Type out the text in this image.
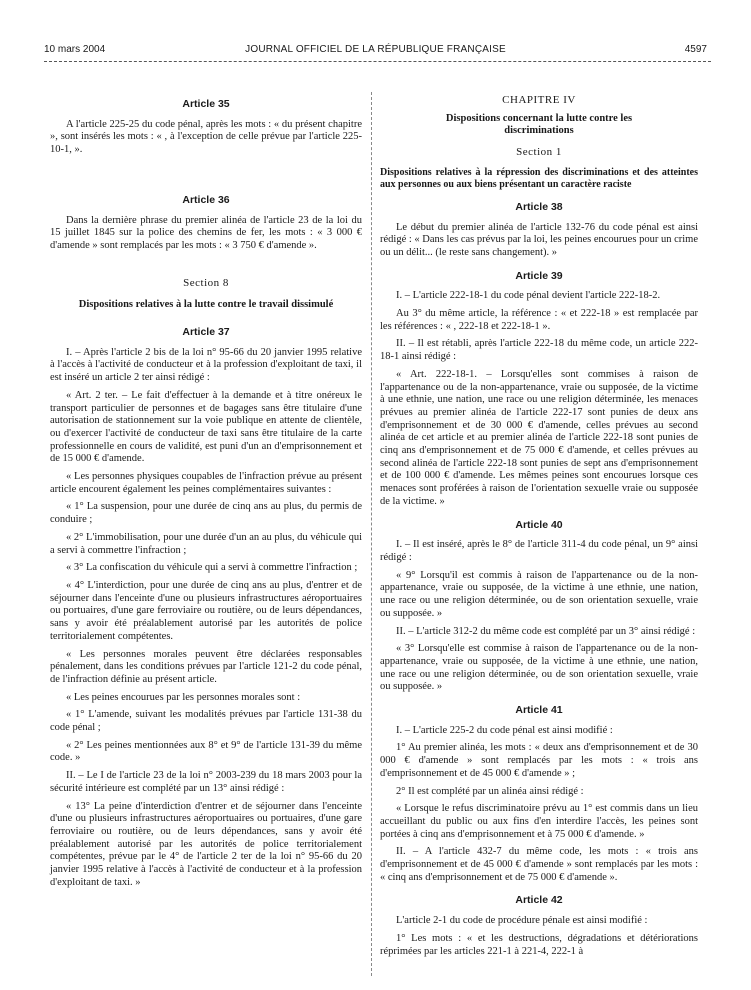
10 mars 2004	JOURNAL OFFICIEL DE LA RÉPUBLIQUE FRANÇAISE	4597
Article 35

A l'article 225-25 du code pénal, après les mots : « du présent chapitre », sont insérés les mots : « , à l'exception de celle prévue par l'article 225-10-1, ».

Article 36

Dans la dernière phrase du premier alinéa de l'article 23 de la loi du 15 juillet 1845 sur la police des chemins de fer, les mots : « 3 000 € d'amende » sont remplacés par les mots : « 3 750 € d'amende ».

Section 8
Dispositions relatives à la lutte contre le travail dissimulé
Article 37

I. – Après l'article 2 bis de la loi n° 95-66 du 20 janvier 1995 relative à l'accès à l'activité de conducteur et à la profession d'exploitant de taxi, il est inséré un article 2 ter ainsi rédigé :

« Art. 2 ter. – Le fait d'effectuer à la demande et à titre onéreux le transport particulier de personnes et de bagages sans être titulaire d'une autorisation de stationnement sur la voie publique en attente de clientèle, ou d'exercer l'activité de conducteur de taxi sans être titulaire de la carte professionnelle en cours de validité, est puni d'un an d'emprisonnement et de 15 000 € d'amende.

« Les personnes physiques coupables de l'infraction prévue au présent article encourent également les peines complémentaires suivantes :

« 1° La suspension, pour une durée de cinq ans au plus, du permis de conduire ;

« 2° L'immobilisation, pour une durée d'un an au plus, du véhicule qui a servi à commettre l'infraction ;

« 3° La confiscation du véhicule qui a servi à commettre l'infraction ;

« 4° L'interdiction, pour une durée de cinq ans au plus, d'entrer et de séjourner dans l'enceinte d'une ou plusieurs infrastructures aéroportuaires ou portuaires, d'une gare ferroviaire ou routière, ou de leurs dépendances, sans y avoir été préalablement autorisé par les autorités de police territorialement compétentes.

« Les personnes morales peuvent être déclarées responsables pénalement, dans les conditions prévues par l'article 121-2 du code pénal, de l'infraction définie au présent article.

« Les peines encourues par les personnes morales sont :

« 1° L'amende, suivant les modalités prévues par l'article 131-38 du code pénal ;

« 2° Les peines mentionnées aux 8° et 9° de l'article 131-39 du même code. »

II. – Le I de l'article 23 de la loi n° 2003-239 du 18 mars 2003 pour la sécurité intérieure est complété par un 13° ainsi rédigé :

« 13° La peine d'interdiction d'entrer et de séjourner dans l'enceinte d'une ou plusieurs infrastructures aéroportuaires ou portuaires, d'une gare ferroviaire ou routière, ou de leurs dépendances, sans y avoir été préalablement autorisé par les autorités de police territorialement compétentes, prévue par le 4° de l'article 2 ter de la loi n° 95-66 du 20 janvier 1995 relative à l'accès à l'activité de conducteur et à la profession d'exploitant de taxi. »

CHAPITRE IV
Dispositions concernant la lutte contre les discriminations
Section 1
Dispositions relatives à la répression des discriminations et des atteintes aux personnes ou aux biens présentant un caractère raciste
Article 38

Le début du premier alinéa de l'article 132-76 du code pénal est ainsi rédigé : « Dans les cas prévus par la loi, les peines encourues pour un crime ou un délit... (le reste sans changement). »

Article 39

I. – L'article 222-18-1 du code pénal devient l'article 222-18-2.

Au 3° du même article, la référence : « et 222-18 » est remplacée par les références : « , 222-18 et 222-18-1 ».

II. – Il est rétabli, après l'article 222-18 du même code, un article 222-18-1 ainsi rédigé :

« Art. 222-18-1. – Lorsqu'elles sont commises à raison de l'appartenance ou de la non-appartenance, vraie ou supposée, de la victime à une ethnie, une nation, une race ou une religion déterminée, les menaces prévues au premier alinéa de l'article 222-17 sont punies de deux ans d'emprisonnement et de 30 000 € d'amende, celles prévues au second alinéa de cet article et au premier alinéa de l'article 222-18 sont punies de cinq ans d'emprisonnement et de 75 000 € d'amende, et celles prévues au second alinéa de l'article 222-18 sont punies de sept ans d'emprisonnement et de 100 000 € d'amende. Les mêmes peines sont encourues lorsque ces menaces sont proférées à raison de l'orientation sexuelle vraie ou supposée de la victime. »

Article 40

I. – Il est inséré, après le 8° de l'article 311-4 du code pénal, un 9° ainsi rédigé :

« 9° Lorsqu'il est commis à raison de l'appartenance ou de la non-appartenance, vraie ou supposée, de la victime à une ethnie, une nation, une race ou une religion déterminée, ou de son orientation sexuelle, vraie ou supposée. »

II. – L'article 312-2 du même code est complété par un 3° ainsi rédigé :

« 3° Lorsqu'elle est commise à raison de l'appartenance ou de la non-appartenance, vraie ou supposée, de la victime à une ethnie, une nation, une race ou une religion déterminée, ou de son orientation sexuelle, vraie ou supposée. »

Article 41

I. – L'article 225-2 du code pénal est ainsi modifié :

1° Au premier alinéa, les mots : « deux ans d'emprisonnement et de 30 000 € d'amende » sont remplacés par les mots : « trois ans d'emprisonnement et de 45 000 € d'amende » ;

2° Il est complété par un alinéa ainsi rédigé :

« Lorsque le refus discriminatoire prévu au 1° est commis dans un lieu accueillant du public ou aux fins d'en interdire l'accès, les peines sont portées à cinq ans d'emprisonnement et à 75 000 € d'amende. »

II. – A l'article 432-7 du même code, les mots : « trois ans d'emprisonnement et de 45 000 € d'amende » sont remplacés par les mots : « cinq ans d'emprisonnement et de 75 000 € d'amende ».

Article 42

L'article 2-1 du code de procédure pénale est ainsi modifié :

1° Les mots : « et les destructions, dégradations et détériorations réprimées par les articles 221-1 à 221-4, 222-1 à
